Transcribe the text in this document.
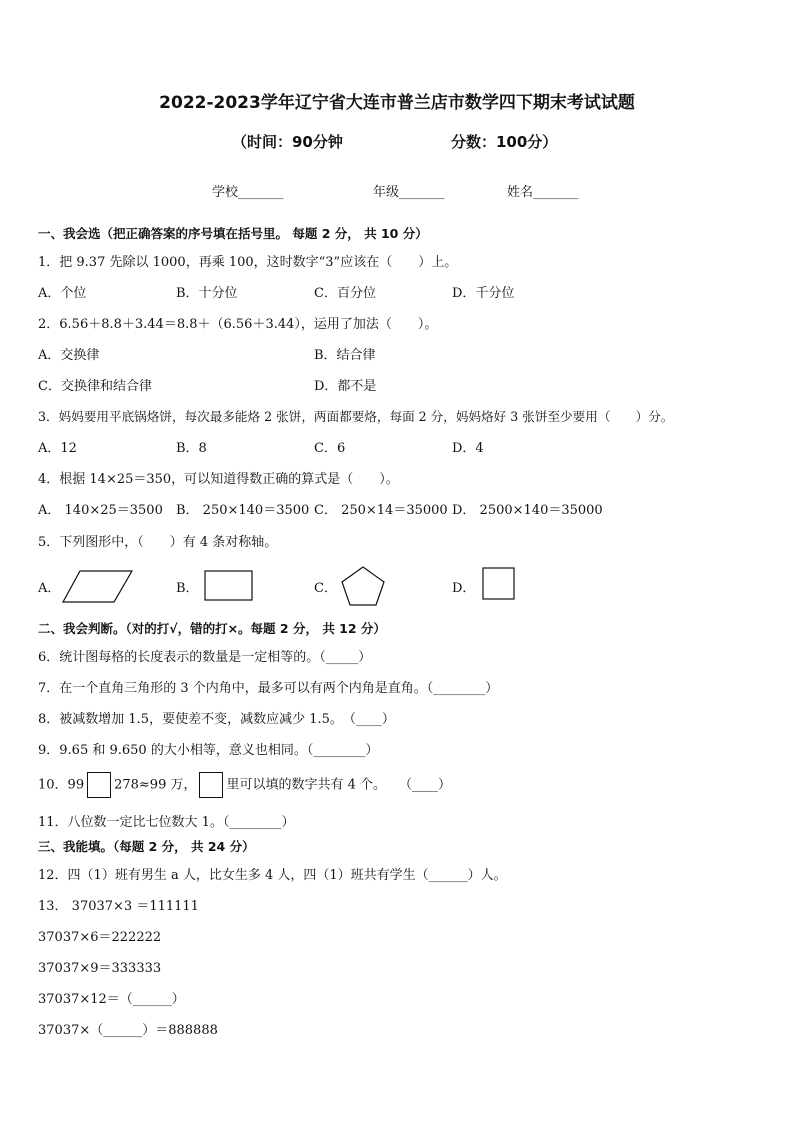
2022-2023学年辽宁省大连市普兰店市数学四下期末考试试题
（时间：90分钟	分数：100分）
学校_______	年级_______	姓名_______
一、我会选（把正确答案的序号填在括号里。 每题 2 分， 共 10 分）
1．把 9.37 先除以 1000，再乘 100，这时数字“3”应该在（　　）上。
A．个位	B．十分位	C．百分位	D．千分位
2．6.56＋8.8＋3.44＝8.8＋（6.56＋3.44），运用了加法（　　）。
A．交换律	B．结合律
C．交换律和结合律	D．都不是
3．妈妈要用平底锅烙饼，每次最多能烙 2 张饼，两面都要烙，每面 2 分，妈妈烙好 3 张饼至少要用（　　）分。
A．12	B．8	C．6	D．4
4．根据 14×25＝350，可以知道得数正确的算式是（　　）。
A． 140×25＝3500 B． 250×140＝3500 C． 250×14＝35000 D． 2500×140＝35000
5．下列图形中，（　　）有 4 条对称轴。
A．	B．	C．	D．
二、我会判断。（对的打√，错的打×。每题 2 分， 共 12 分）
6．统计图每格的长度表示的数量是一定相等的。（_____）
7．在一个直角三角形的 3 个内角中，最多可以有两个内角是直角。（________）
8．被减数增加 1.5，要使差不变，减数应减少 1.5。　（____）
9．9.65 和 9.650 的大小相等，意义也相同。（________）
10．99 278≈99 万， 里可以填的数字共有 4 个。　　（____）
11．八位数一定比七位数大 1。（________）
三、我能填。（每题 2 分， 共 24 分）
12．四（1）班有男生 a 人，比女生多 4 人，四（1）班共有学生（______）人。
13． 37037×3 ＝111111
37037×6＝222222
37037×9＝333333
37037×12＝（______）
37037×（______）＝888888
